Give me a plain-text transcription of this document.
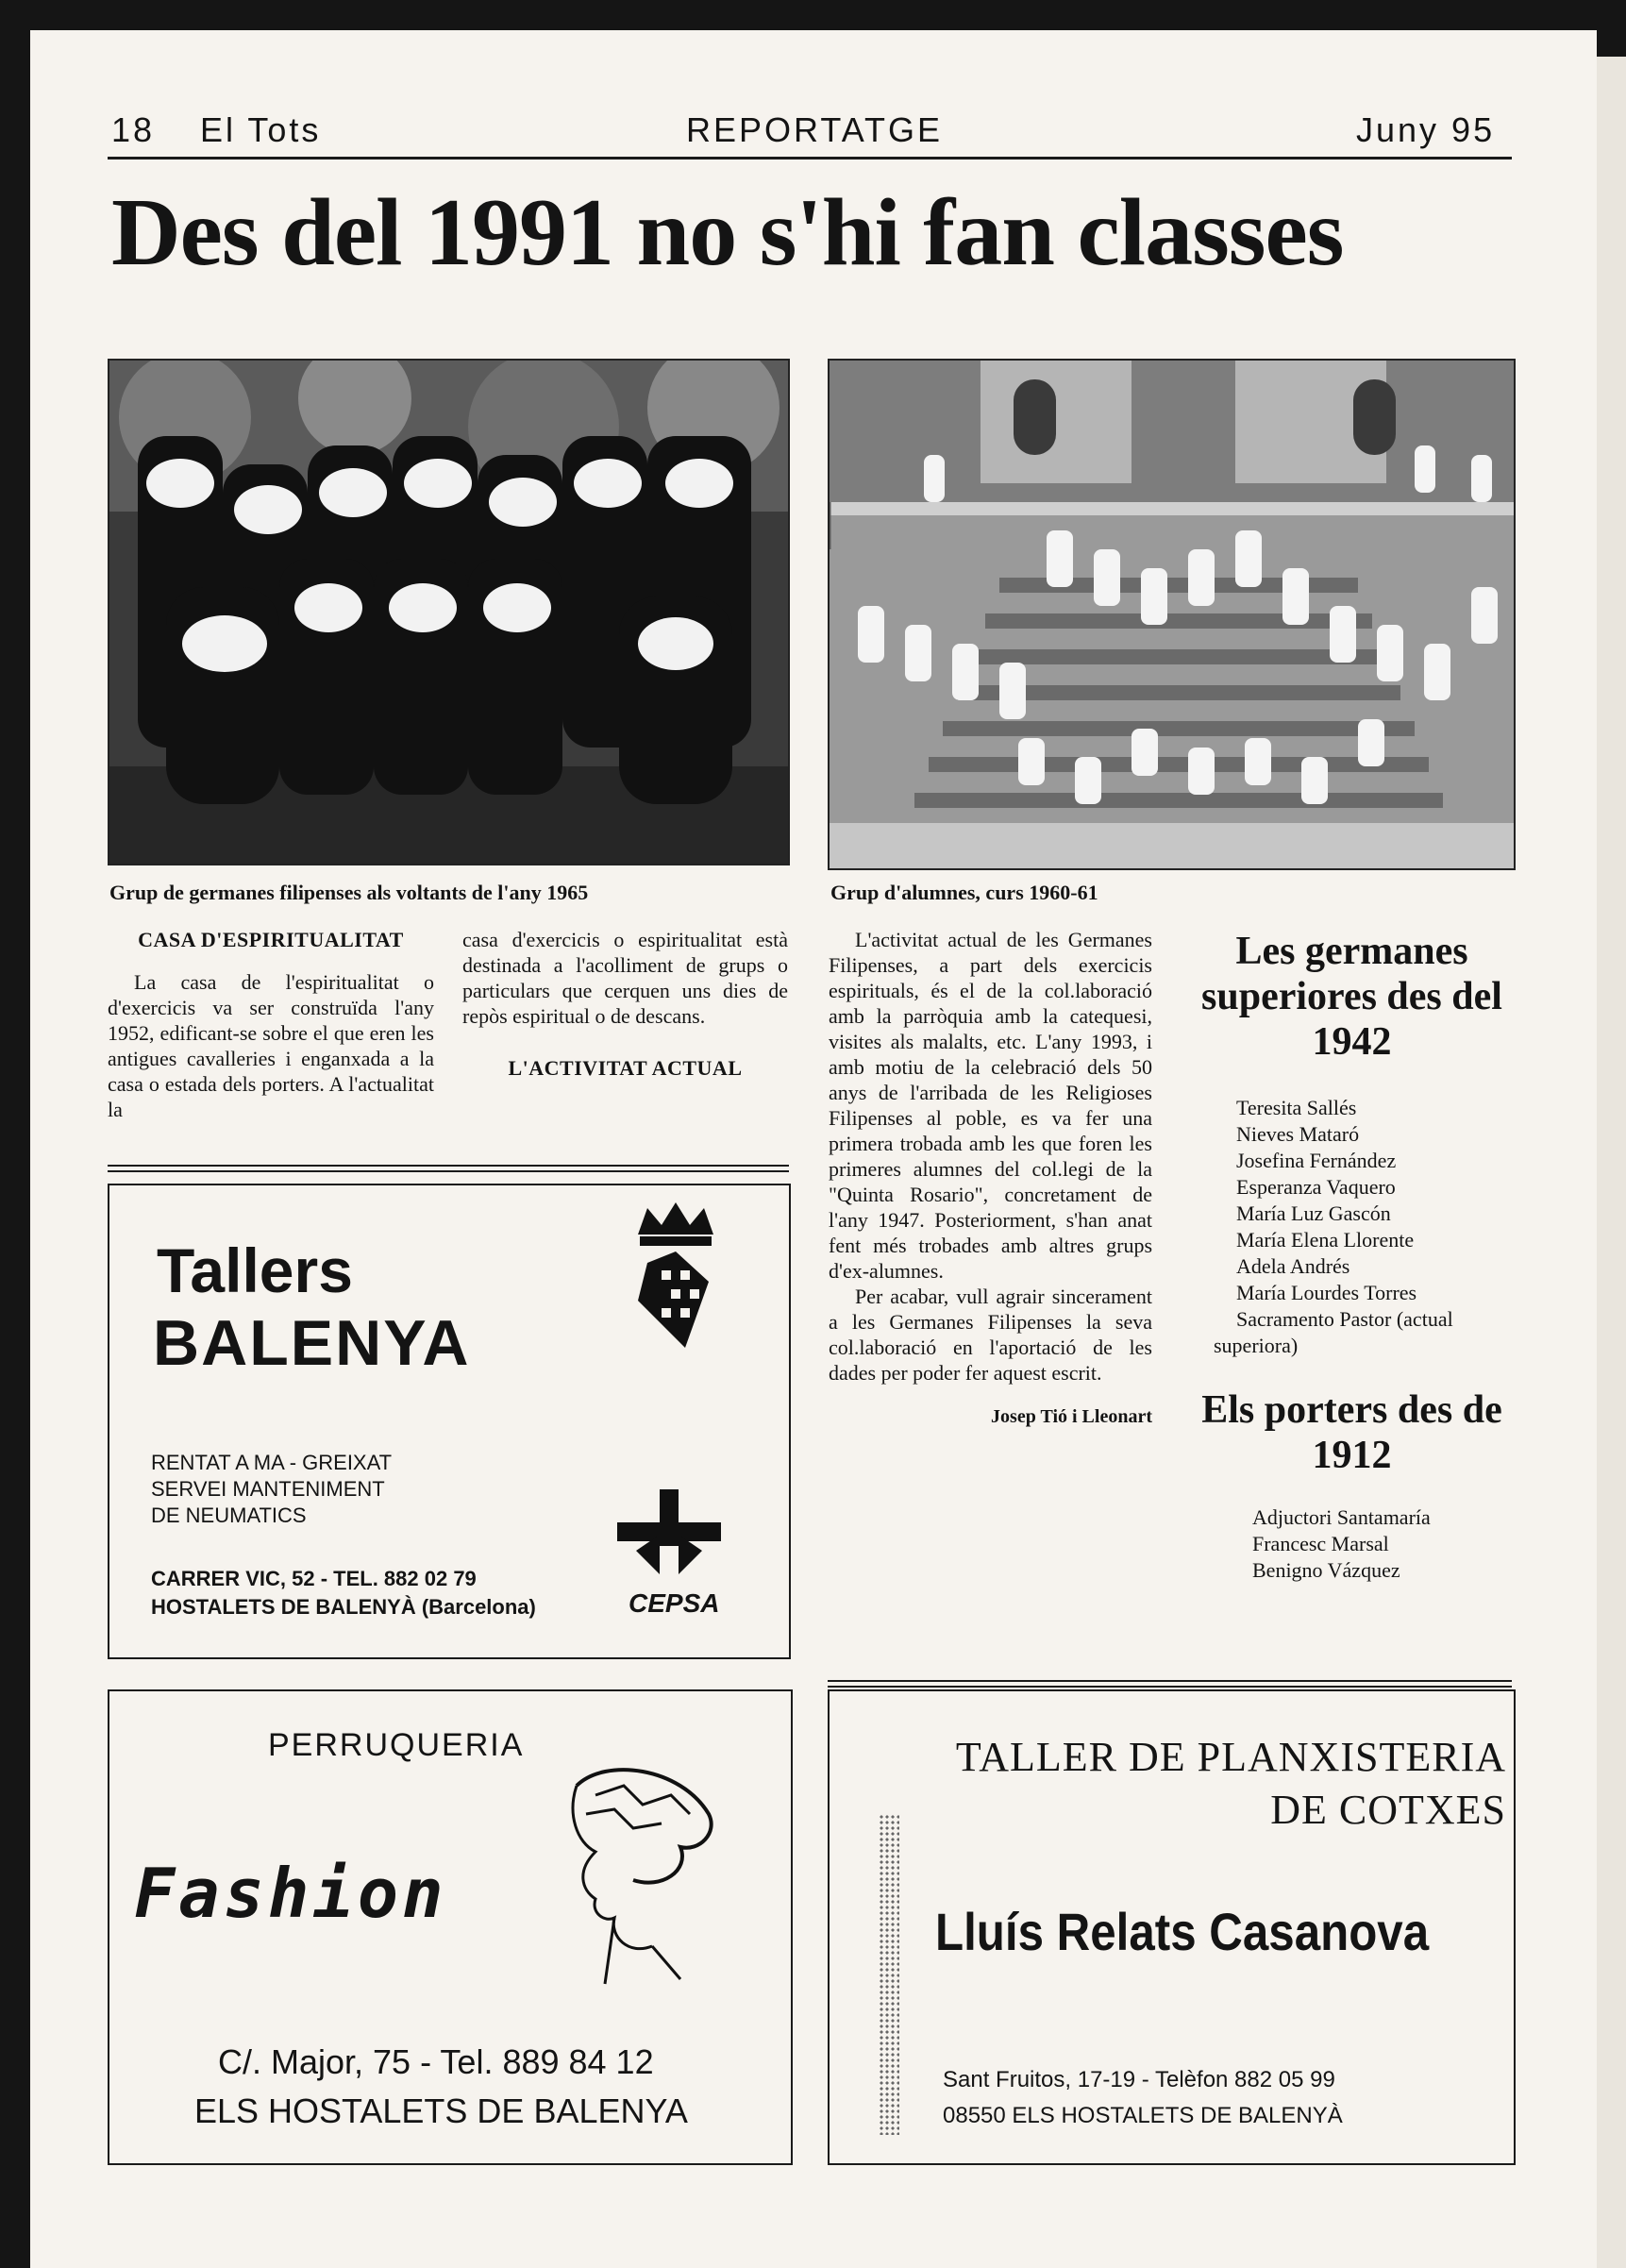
18 El Tots	REPORTATGE	Juny 95
Des del 1991 no s'hi fan classes
Grup de germanes filipenses als voltants de l'any 1965	Grup d'alumnes, curs 1960-61
CASA D'ESPIRITUALITAT

La casa de l'espiritualitat o d'exercicis va ser construïda l'any 1952, edificant-se sobre el que eren les antigues cavalleries i enganxada a la casa o estada dels porters. A l'actualitat la

casa d'exercicis o espiritualitat està destinada a l'acolliment de grups o particulars que cerquen uns dies de repòs espiritual o de descans.

L'ACTIVITAT ACTUAL

L'activitat actual de les Germanes Filipenses, a part dels exercicis espirituals, és el de la col.laboració amb la parròquia amb la catequesi, visites als malalts, etc. L'any 1993, i amb motiu de la celebració dels 50 anys de l'arribada de les Religioses Filipenses al poble, es va fer una primera trobada amb les que foren les primeres alumnes del col.legi de la "Quinta Rosario", concretament de l'any 1947. Posteriorment, s'han anat fent més trobades amb altres grups d'ex-alumnes.

Per acabar, vull agrair sincerament a les Germanes Filipenses la seva col.laboració en l'aportació de les dades per poder fer aquest escrit.

Josep Tió i Lleonart
Les germanes superiores des del 1942
Teresita Sallés
Nieves Mataró
Josefina Fernández
Esperanza Vaquero
María Luz Gascón
María Elena Llorente
Adela Andrés
María Lourdes Torres
Sacramento Pastor (actual
superiora)
Els porters des de 1912
Adjuctori Santamaría
Francesc Marsal
Benigno Vázquez
Tallers
BALENYA
RENTAT A MA - GREIXAT
SERVEI MANTENIMENT
DE NEUMATICS
CARRER VIC, 52 - TEL. 882 02 79
HOSTALETS DE BALENYÀ (Barcelona)	CEPSA
PERRUQUERIA
Fashion
C/. Major, 75 - Tel. 889 84 12
ELS HOSTALETS DE BALENYA
TALLER DE PLANXISTERIA
DE COTXES
Lluís Relats Casanova
Sant Fruitos, 17-19 - Telèfon 882 05 99
08550 ELS HOSTALETS DE BALENYÀ
